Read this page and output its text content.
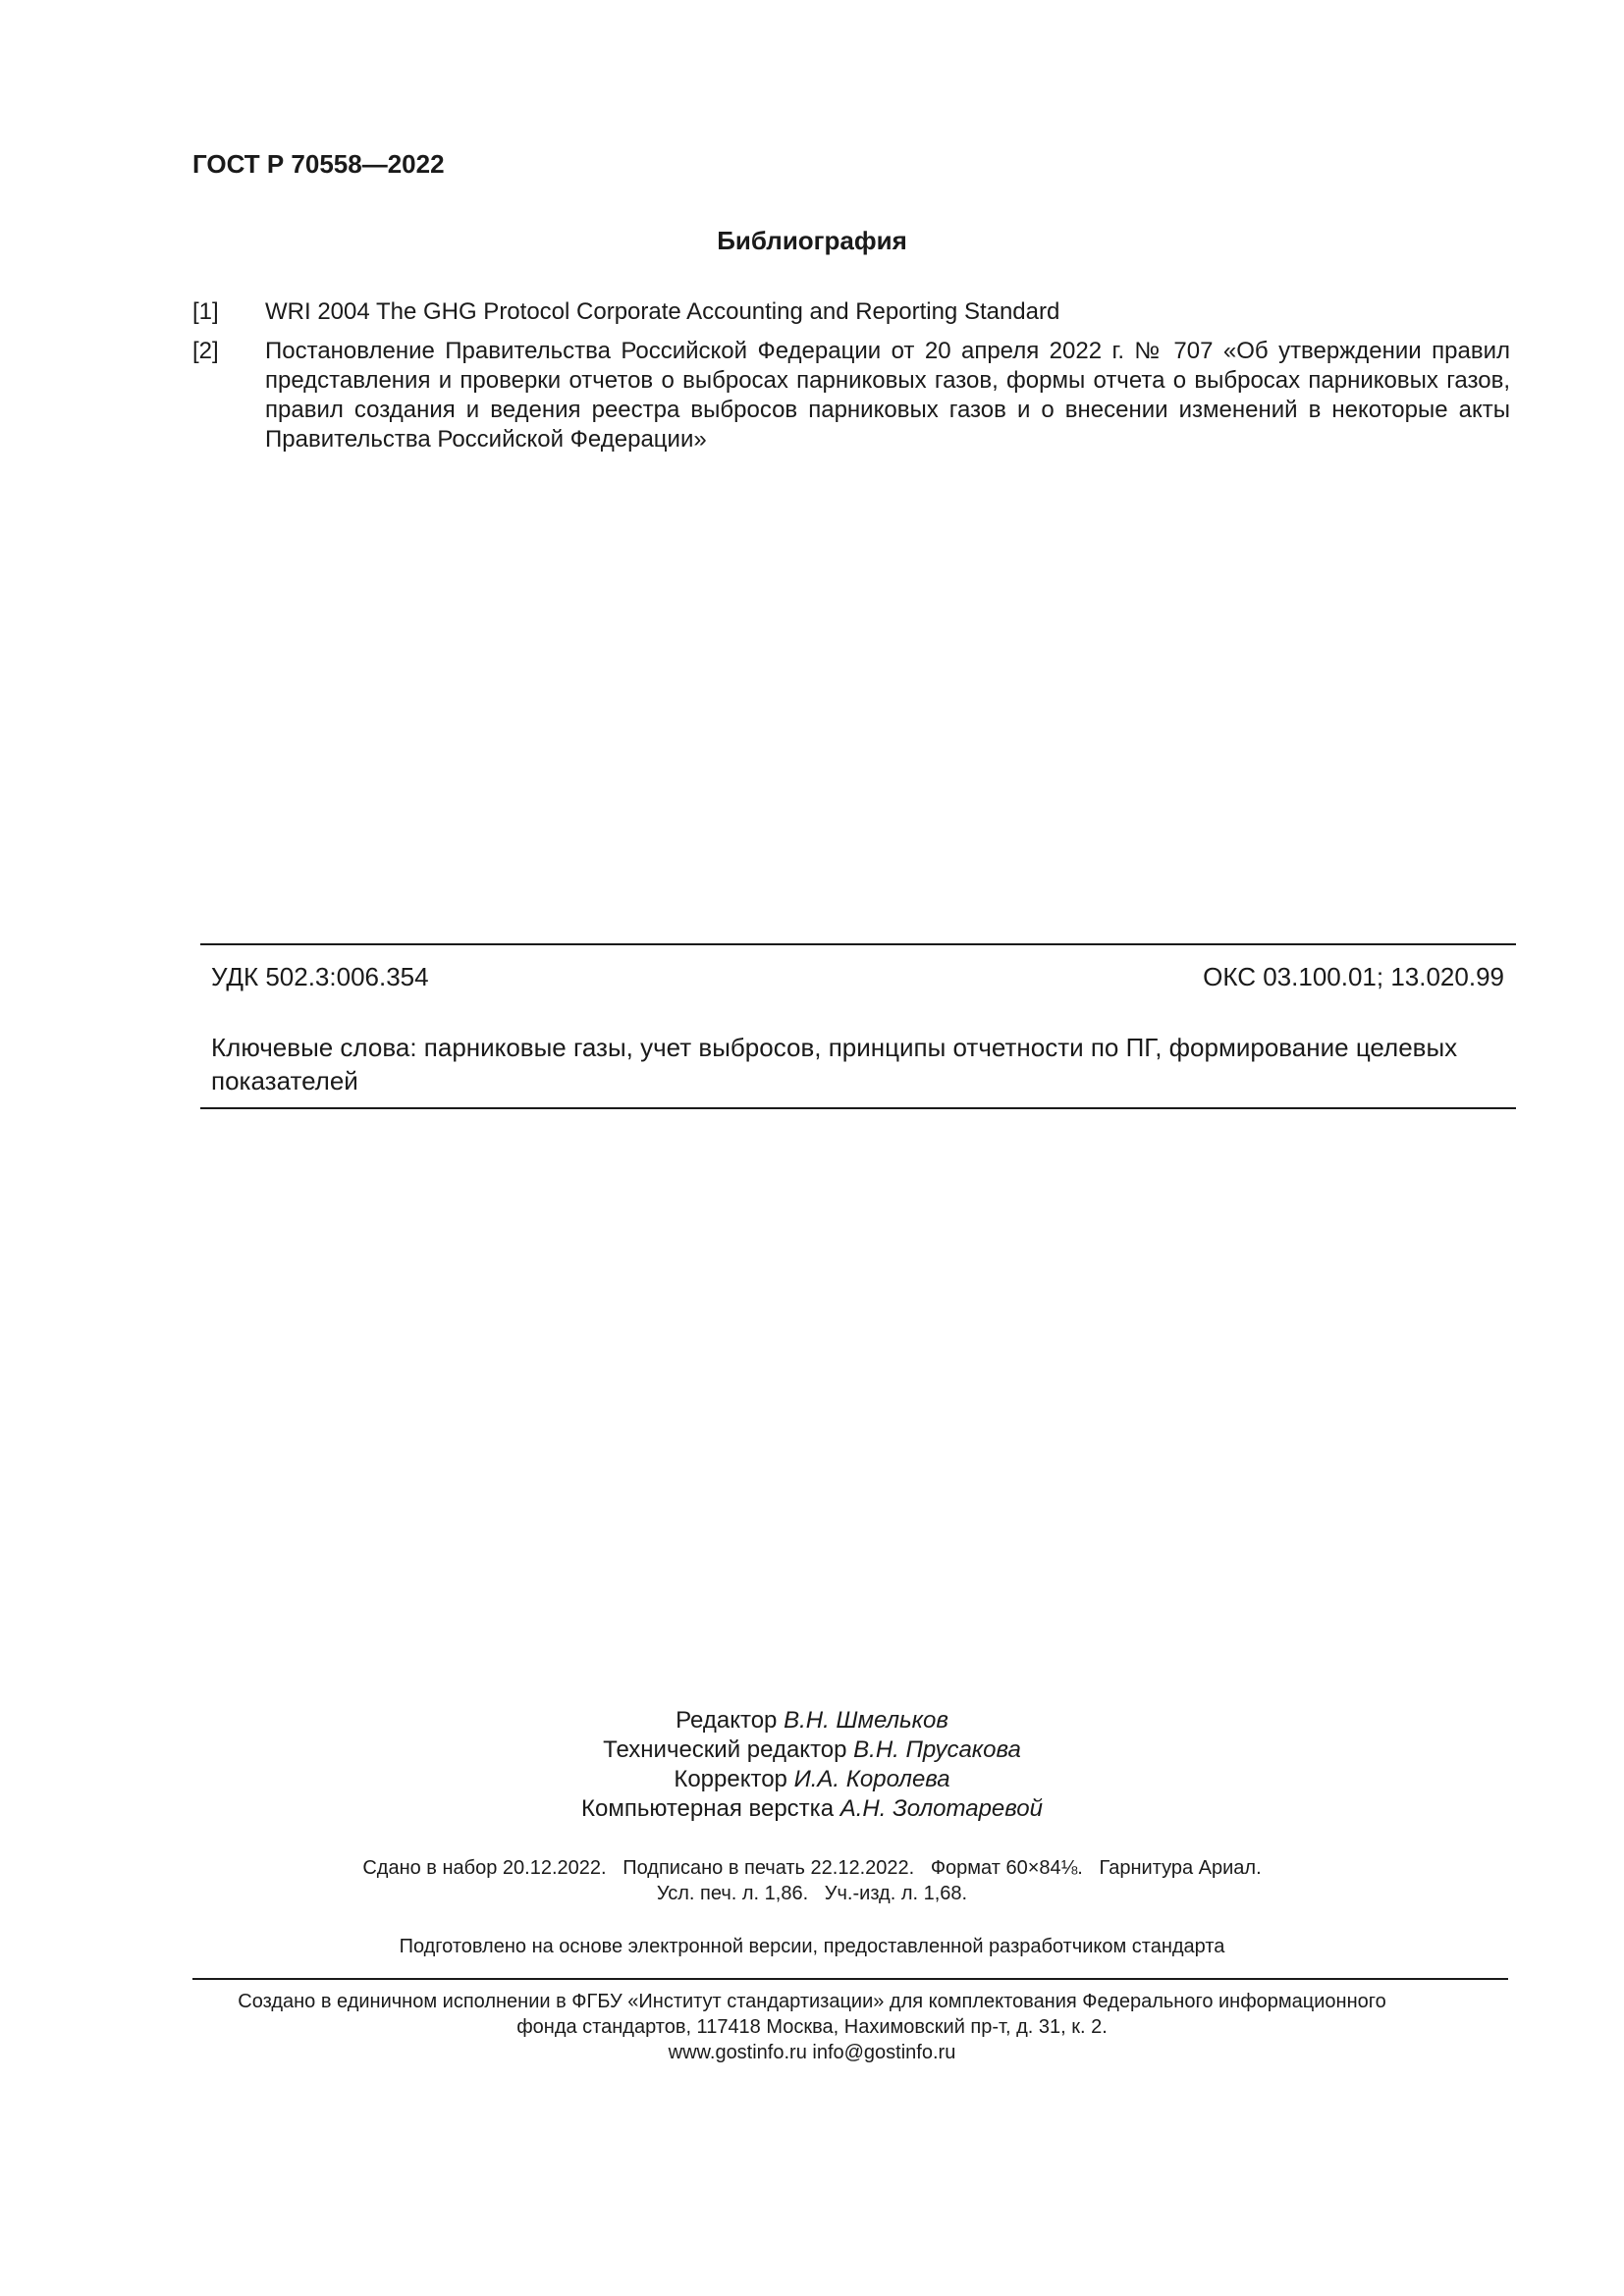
ГОСТ Р 70558—2022
Библиография
[1] WRI 2004 The GHG Protocol Corporate Accounting and Reporting Standard
[2] Постановление Правительства Российской Федерации от 20 апреля 2022 г. № 707 «Об утверждении правил представления и проверки отчетов о выбросах парниковых газов, формы отчета о выбросах парниковых газов, правил создания и ведения реестра выбросов парниковых газов и о внесении изменений в некоторые акты Правительства Российской Федерации»
УДК 502.3:006.354	ОКС 03.100.01; 13.020.99
Ключевые слова: парниковые газы, учет выбросов, принципы отчетности по ПГ, формирование целевых показателей
Редактор В.Н. Шмельков
Технический редактор В.Н. Прусакова
Корректор И.А. Королева
Компьютерная верстка А.Н. Золотаревой
Сдано в набор 20.12.2022.   Подписано в печать 22.12.2022.   Формат 60×84⅛.   Гарнитура Ариал.
Усл. печ. л. 1,86.   Уч.-изд. л. 1,68.
Подготовлено на основе электронной версии, предоставленной разработчиком стандарта
Создано в единичном исполнении в ФГБУ «Институт стандартизации» для комплектования Федерального информационного
фонда стандартов, 117418 Москва, Нахимовский пр-т, д. 31, к. 2.
www.gostinfo.ru info@gostinfo.ru
